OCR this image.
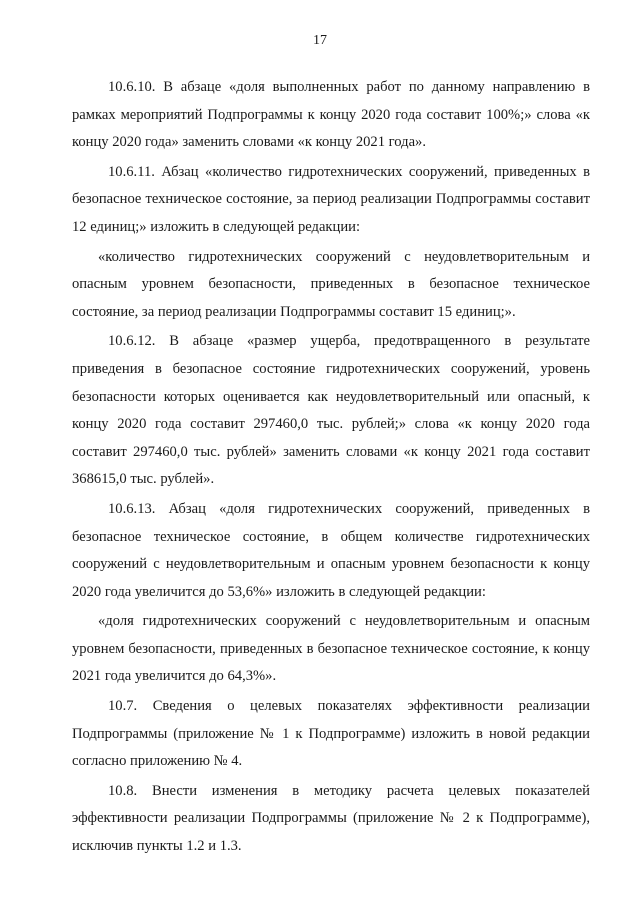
17

10.6.10. В абзаце «доля выполненных работ по данному направлению в рамках мероприятий Подпрограммы к концу 2020 года составит 100%;» слова «к концу 2020 года» заменить словами «к концу 2021 года».

10.6.11. Абзац «количество гидротехнических сооружений, приведенных в безопасное техническое состояние, за период реализации Подпрограммы составит 12 единиц;» изложить в следующей редакции:

«количество гидротехнических сооружений с неудовлетворительным и опасным уровнем безопасности, приведенных в безопасное техническое состояние, за период реализации Подпрограммы составит 15 единиц;».

10.6.12. В абзаце «размер ущерба, предотвращенного в результате приведения в безопасное состояние гидротехнических сооружений, уровень безопасности которых оценивается как неудовлетворительный или опасный, к концу 2020 года составит 297460,0 тыс. рублей;» слова «к концу 2020 года составит 297460,0 тыс. рублей» заменить словами «к концу 2021 года составит 368615,0 тыс. рублей».

10.6.13. Абзац «доля гидротехнических сооружений, приведенных в безопасное техническое состояние, в общем количестве гидротехнических сооружений с неудовлетворительным и опасным уровнем безопасности к концу 2020 года увеличится до 53,6%» изложить в следующей редакции:

«доля гидротехнических сооружений с неудовлетворительным и опасным уровнем безопасности, приведенных в безопасное техническое состояние, к концу 2021 года увеличится до 64,3%».

10.7. Сведения о целевых показателях эффективности реализации Подпрограммы (приложение № 1 к Подпрограмме) изложить в новой редакции согласно приложению № 4.

10.8. Внести изменения в методику расчета целевых показателей эффективности реализации Подпрограммы (приложение № 2 к Подпрограмме), исключив пункты 1.2 и 1.3.
